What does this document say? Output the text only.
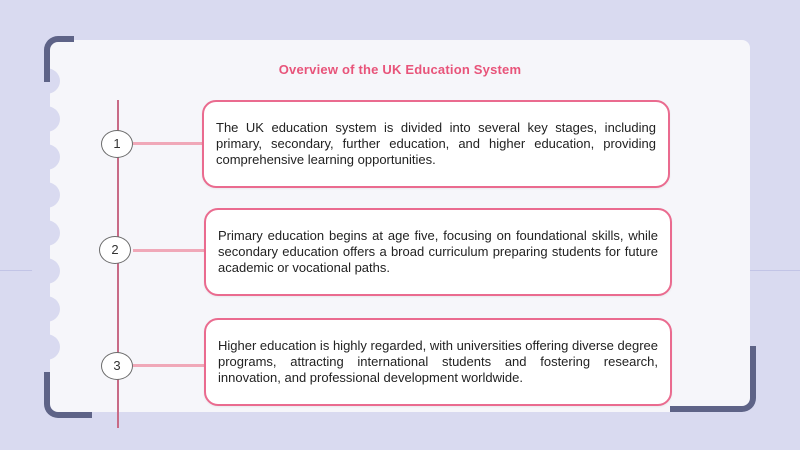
Overview of the UK Education System
1

The UK education system is divided into several key stages, including primary, secondary, further education, and higher education, providing comprehensive learning opportunities.

2

Primary education begins at age five, focusing on foundational skills, while secondary education offers a broad curriculum preparing students for future academic or vocational paths.

3

Higher education is highly regarded, with universities offering diverse degree programs, attracting international students and fostering research, innovation, and professional development worldwide.
